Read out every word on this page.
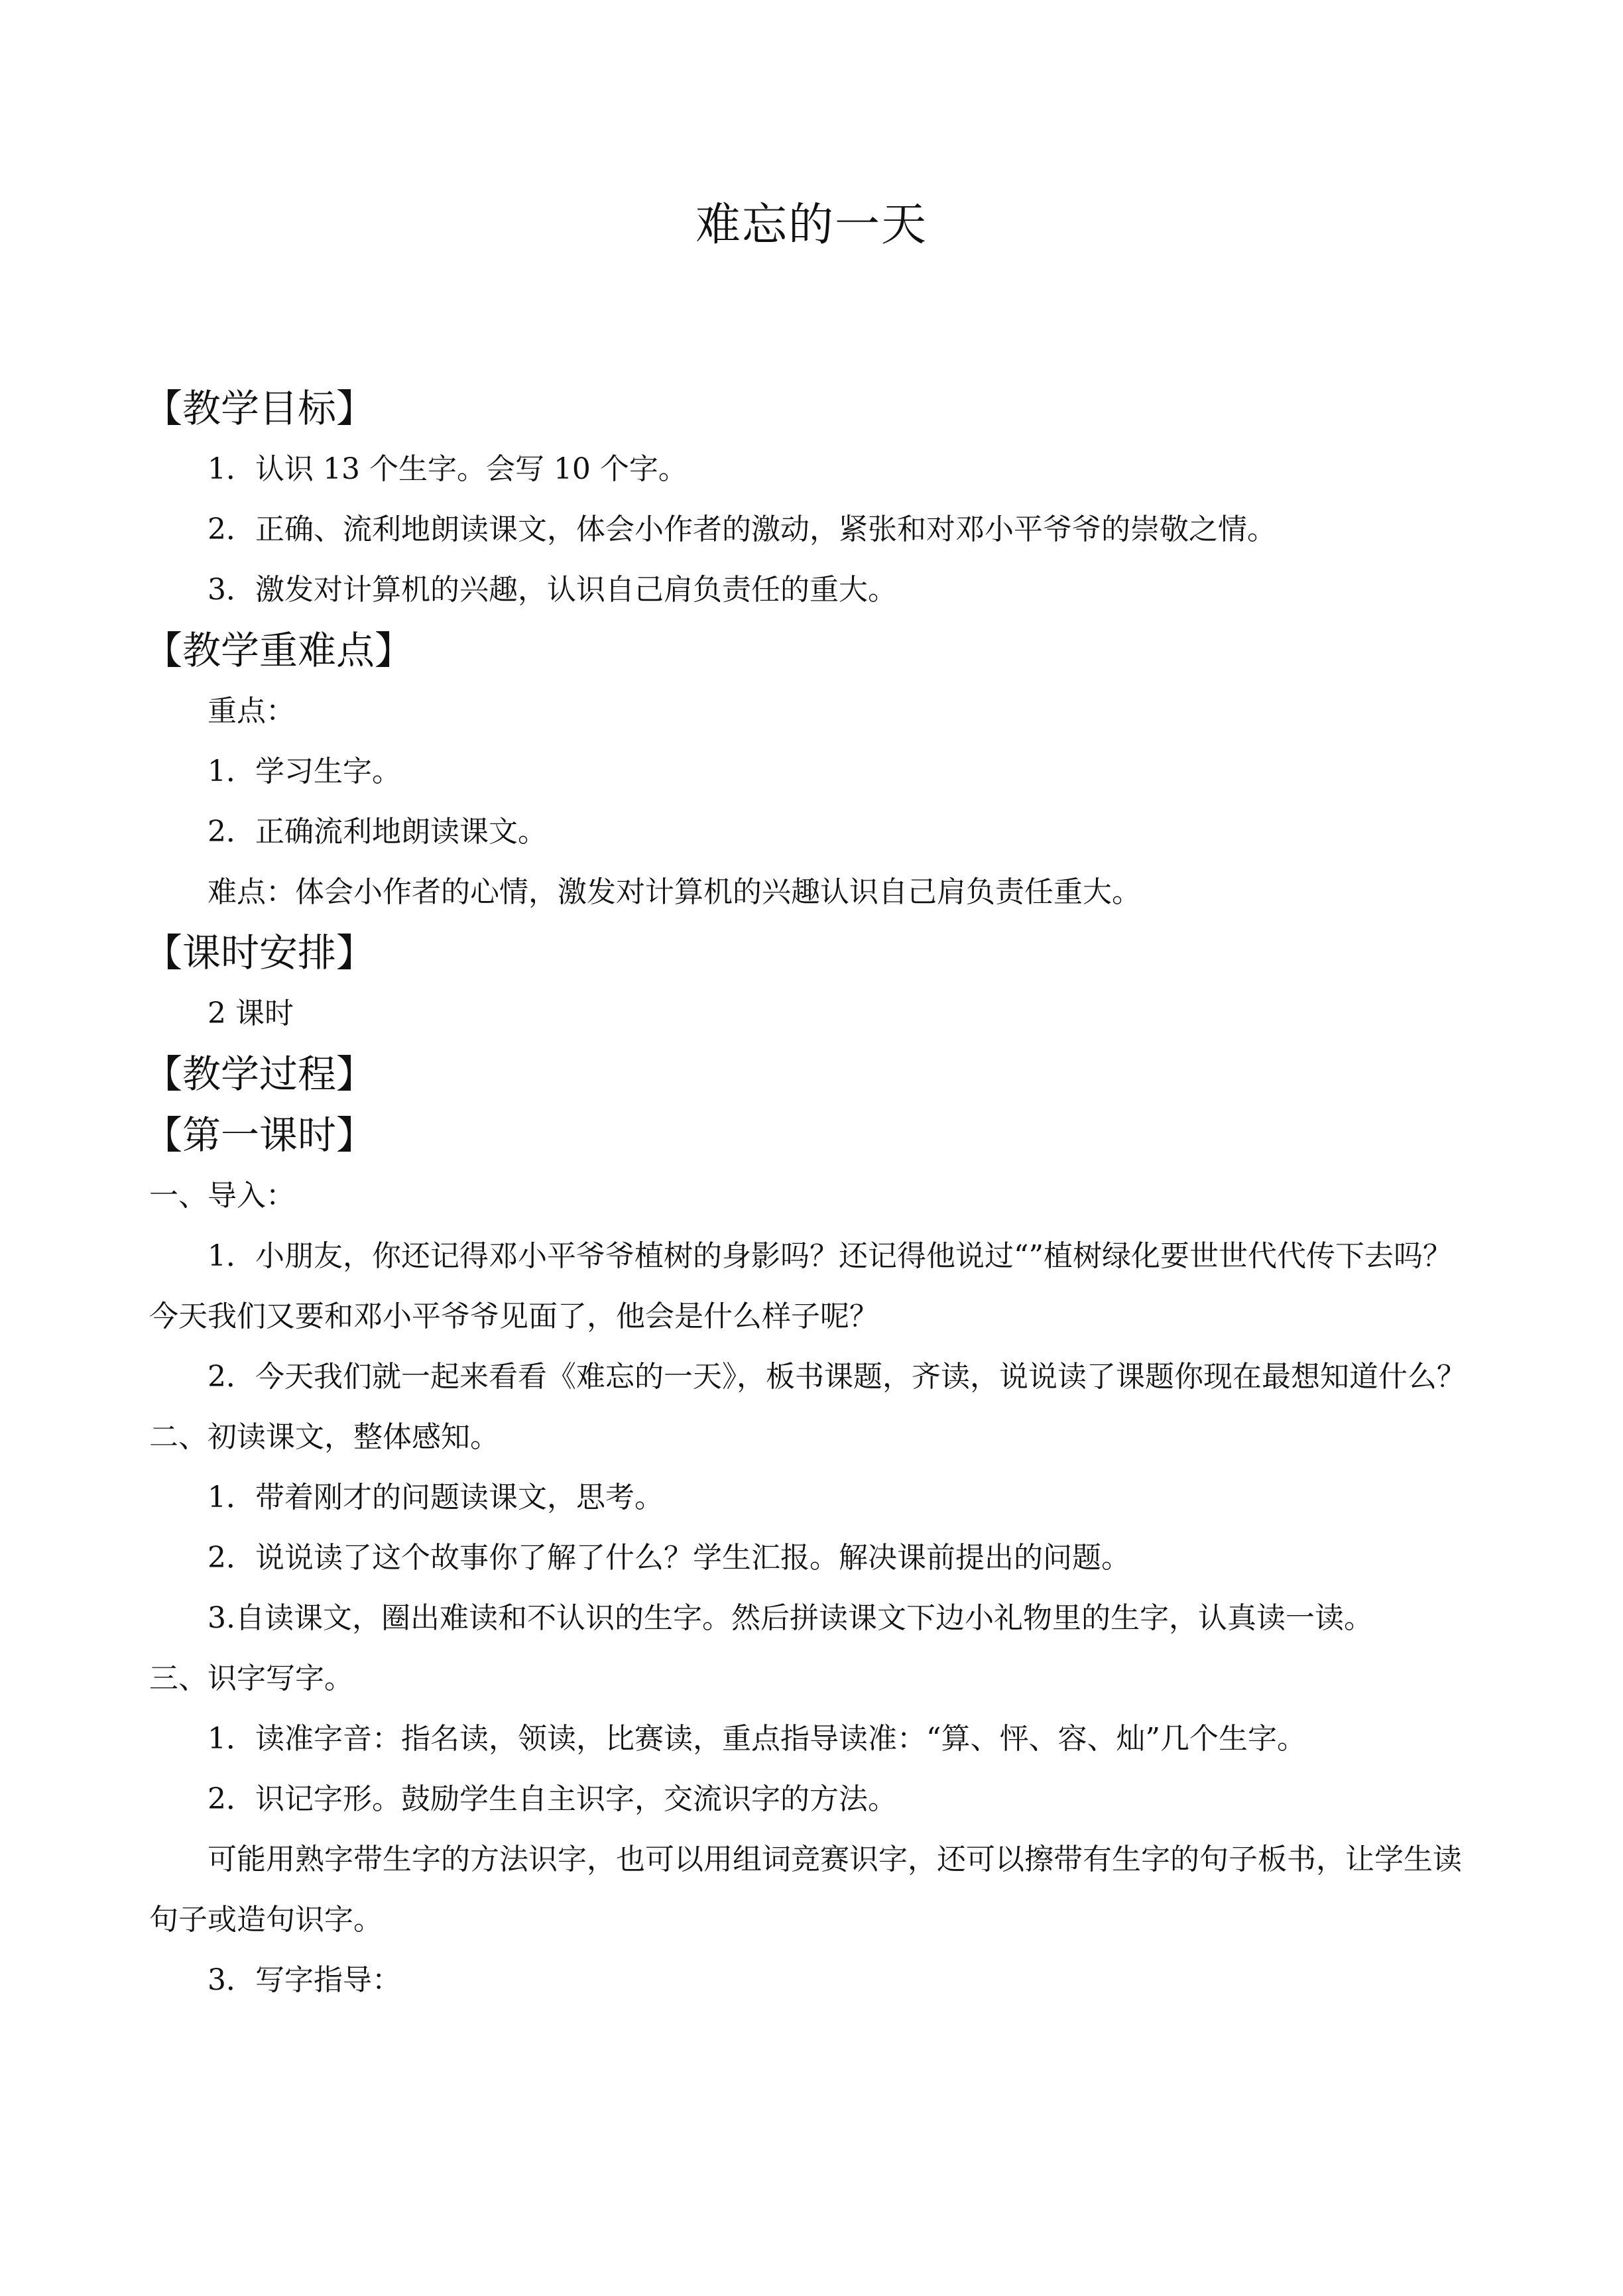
难忘的一天
【教学目标】

1．认识 13 个生字。会写 10 个字。

2．正确、流利地朗读课文，体会小作者的激动，紧张和对邓小平爷爷的崇敬之情。

3．激发对计算机的兴趣，认识自己肩负责任的重大。

【教学重难点】

重点：

1．学习生字。

2．正确流利地朗读课文。

难点：体会小作者的心情，激发对计算机的兴趣认识自己肩负责任重大。

【课时安排】

2 课时

【教学过程】
【第一课时】

一、导入：

1．小朋友，你还记得邓小平爷爷植树的身影吗？还记得他说过“”植树绿化要世世代代传下去吗？今天我们又要和邓小平爷爷见面了，他会是什么样子呢？

2．今天我们就一起来看看《难忘的一天》，板书课题，齐读，说说读了课题你现在最想知道什么？

二、初读课文，整体感知。

1．带着刚才的问题读课文，思考。

2．说说读了这个故事你了解了什么？学生汇报。解决课前提出的问题。

3.自读课文，圈出难读和不认识的生字。然后拼读课文下边小礼物里的生字，认真读一读。

三、识字写字。

1．读准字音：指名读，领读，比赛读，重点指导读准：“算、怦、容、灿”几个生字。

2．识记字形。鼓励学生自主识字，交流识字的方法。

可能用熟字带生字的方法识字，也可以用组词竞赛识字，还可以擦带有生字的句子板书，让学生读句子或造句识字。

3．写字指导：
